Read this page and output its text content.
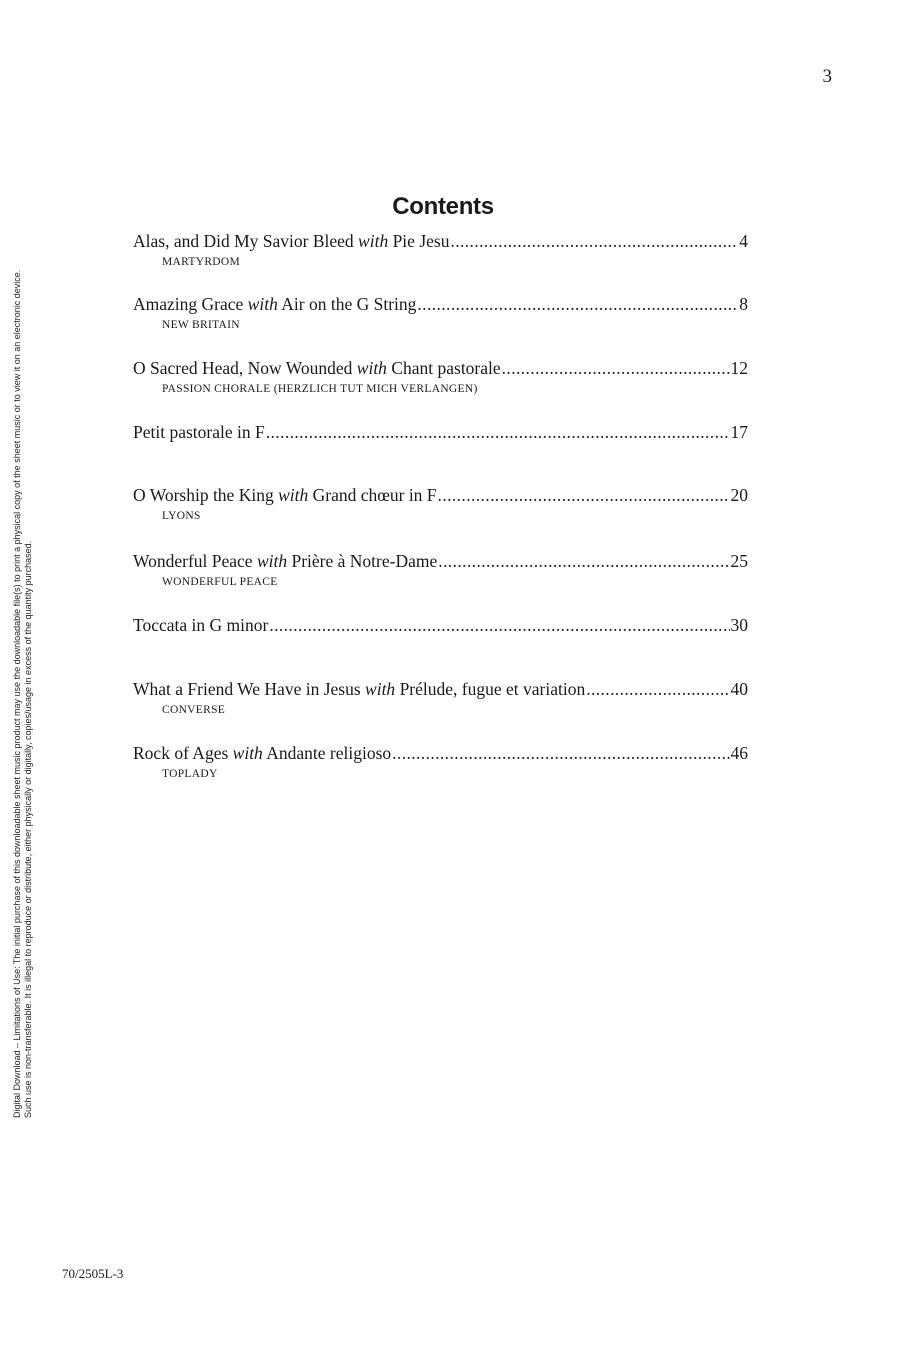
3
Contents
Alas, and Did My Savior Bleed with Pie Jesu .....	4
MARTYRDOM
Amazing Grace with Air on the G String .....	8
NEW BRITAIN
O Sacred Head, Now Wounded with Chant pastorale .....	12
PASSION CHORALE (HERZLICH TUT MICH VERLANGEN)
Petit pastorale in F .....	17
O Worship the King with Grand chœur in F .....	20
LYONS
Wonderful Peace with Prière à Notre-Dame .....	25
WONDERFUL PEACE
Toccata in G minor .....	30
What a Friend We Have in Jesus with Prélude, fugue et variation .....	40
CONVERSE
Rock of Ages with Andante religioso .....	46
TOPLADY
Digital Download – Limitations of Use: The initial purchase of this downloadable sheet music product may use the downloadable file(s) to print a physical copy of the sheet music or to view it on an electronic device. Such use is non-transferable. It is illegal to reproduce or distribute, either physically or digitally, copies/usage in excess of the quantity purchased.
70/2505L-3
